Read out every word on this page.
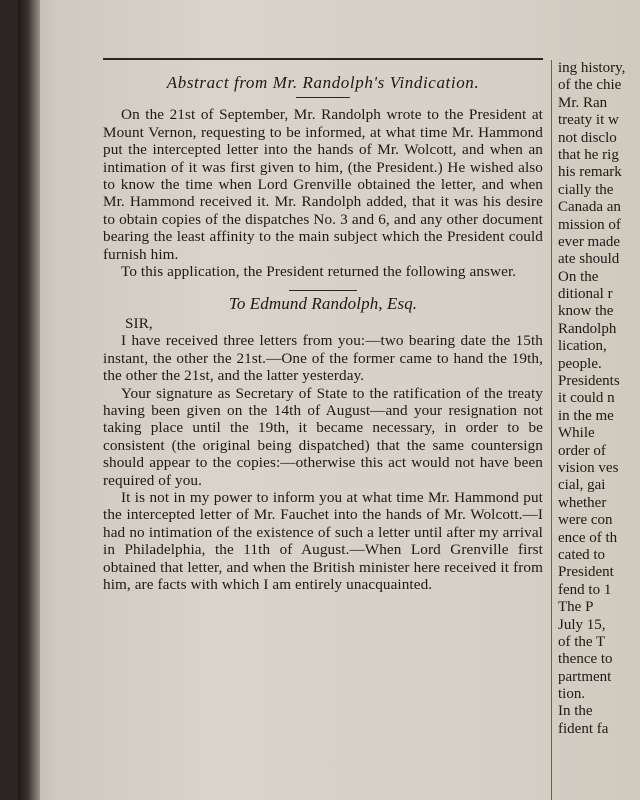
Abstract from Mr. Randolph's Vindication.

On the 21st of September, Mr. Randolph wrote to the President at Mount Vernon, requesting to be informed, at what time Mr. Hammond put the intercepted letter into the hands of Mr. Wolcott, and when an intimation of it was first given to him, (the President.) He wished also to know the time when Lord Grenville obtained the letter, and when Mr. Hammond received it. Mr. Randolph added, that it was his desire to obtain copies of the dispatches No. 3 and 6, and any other document bearing the least affinity to the main subject which the President could furnish him.

To this application, the President returned the following answer.

To Edmund Randolph, Esq.

SIR,

I have received three letters from you:—two bearing date the 15th instant, the other the 21st.—One of the former came to hand the 19th, the other the 21st, and the latter yesterday.

Your signature as Secretary of State to the ratification of the treaty having been given on the 14th of August—and your resignation not taking place until the 19th, it became necessary, in order to be consistent (the original being dispatched) that the same countersign should appear to the copies:—otherwise this act would not have been required of you.

It is not in my power to inform you at what time Mr. Hammond put the intercepted letter of Mr. Fauchet into the hands of Mr. Wolcott.—I had no intimation of the existence of such a letter until after my arrival in Philadelphia, the 11th of August.—When Lord Grenville first obtained that letter, and when the British minister here received it from him, are facts with which I am entirely unacquainted.

ing history,
of the chie
Mr. Ran
treaty it w
not disclo
that he rig
his remark
cially the
Canada an
mission of
ever made
ate should
On the
ditional r
know the
Randolph
lication,
people.
Presidents
it could n
in the me
While
order of
vision ves
cial, gai
whether
were con
ence of th
cated to
President
fend to 1
The P
July 15,
of the T
thence to
partment
tion.
In the
fident fa
